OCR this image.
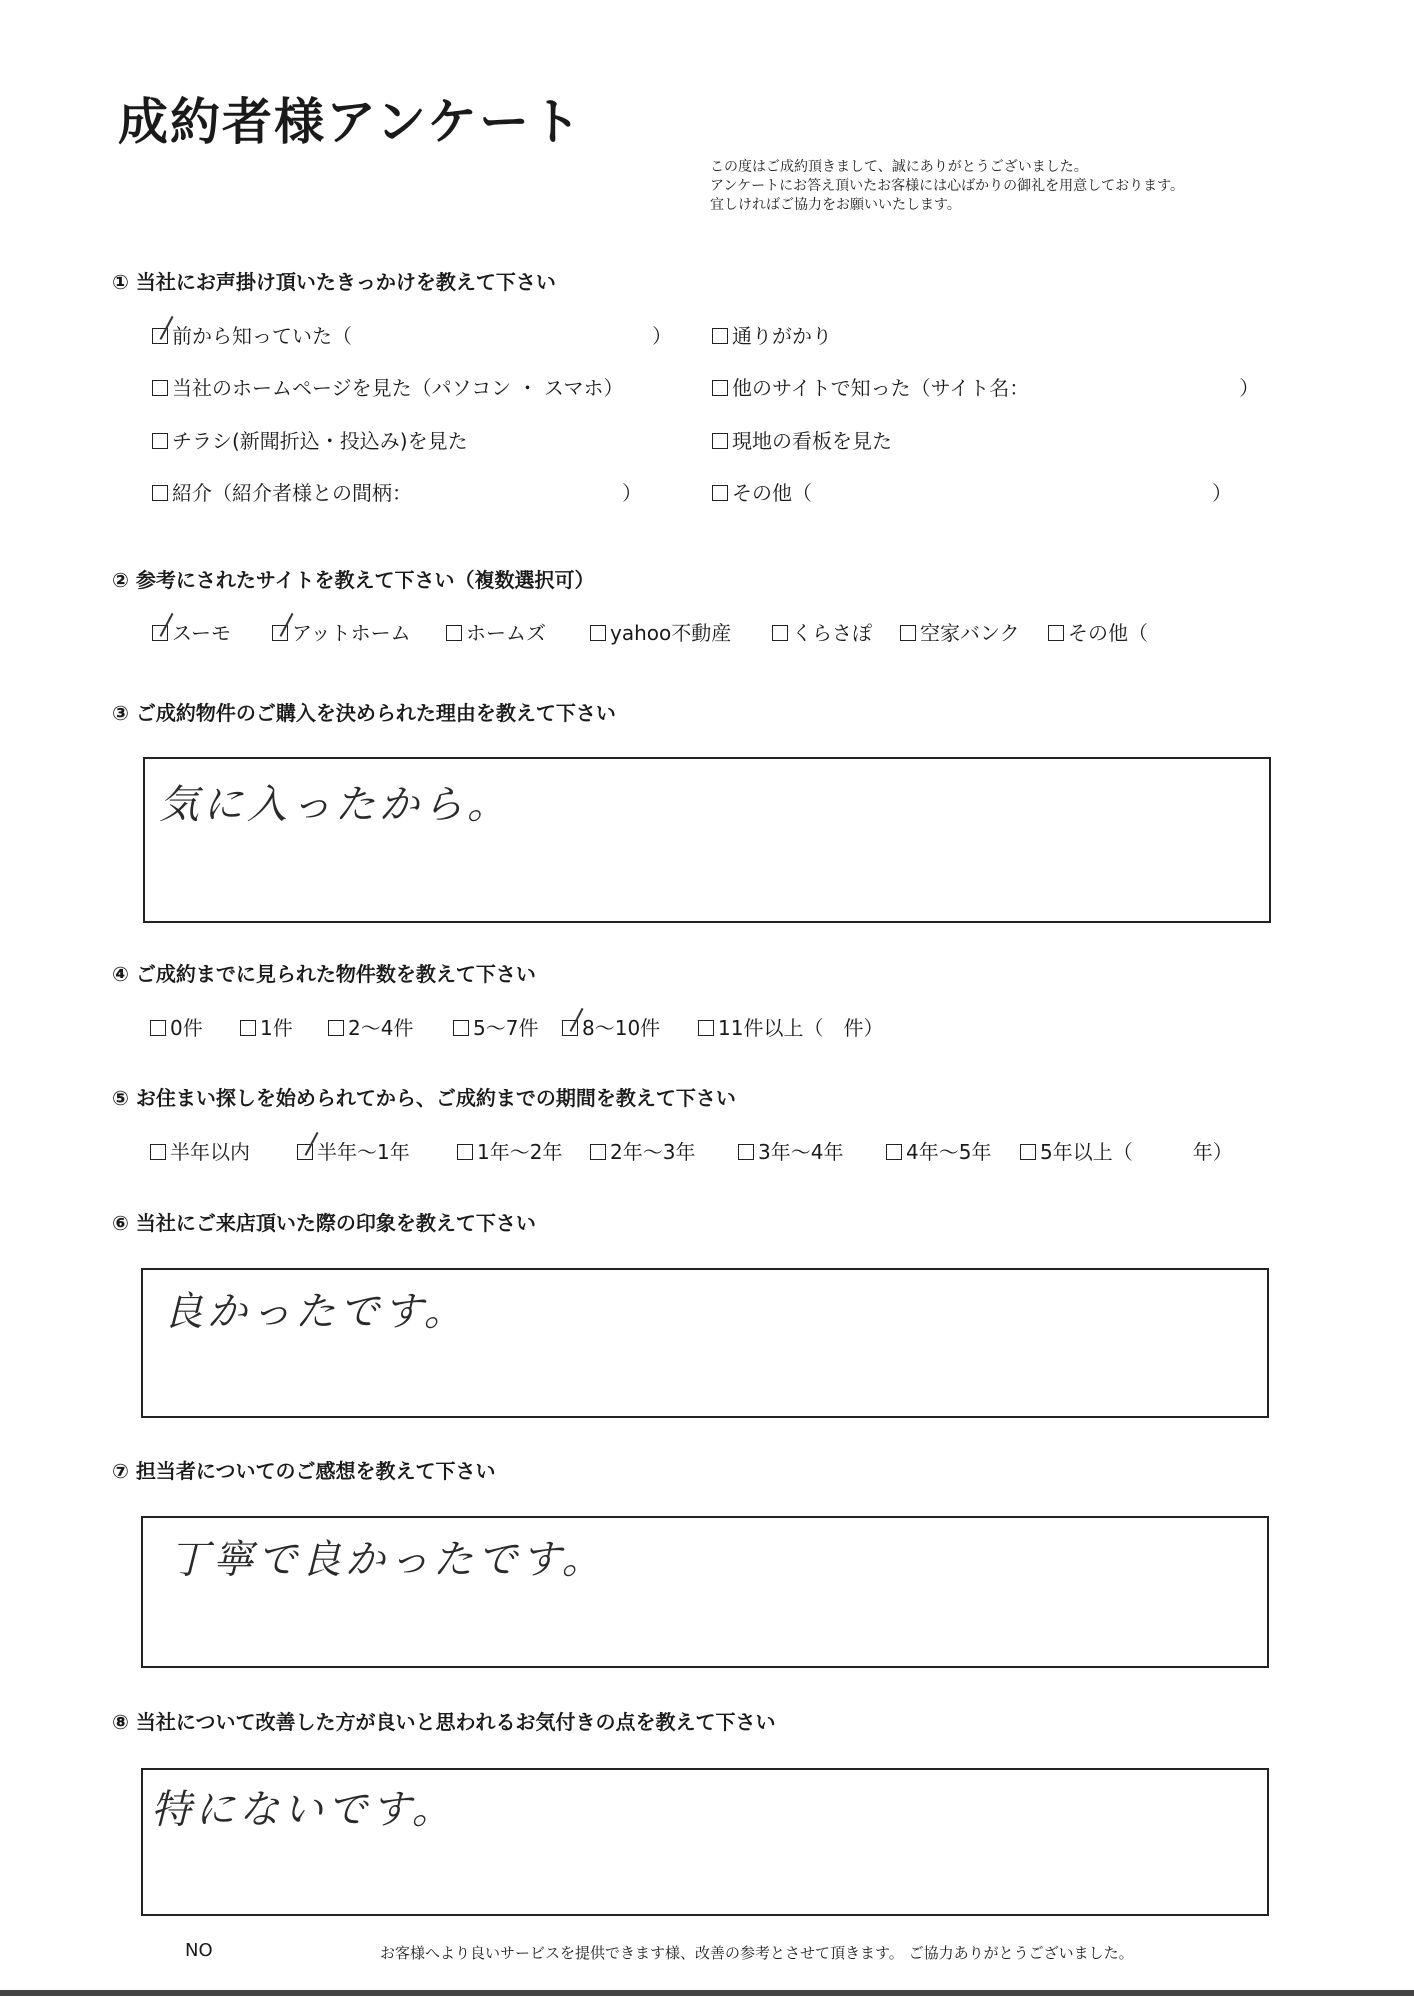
成約者様アンケート
この度はご成約頂きまして、誠にありがとうございました。
アンケートにお答え頂いたお客様には心ばかりの御礼を用意しております。
宜しければご協力をお願いいたします。
① 当社にお声掛け頂いたきっかけを教えて下さい
前から知っていた（　　　　　　　　　　　　　　　）	通りがかり
当社のホームページを見た（パソコン ・ スマホ）	他のサイトで知った（サイト名：　　　　　　　　　　　）
チラシ(新聞折込・投込み)を見た	現地の看板を見た
紹介（紹介者様との間柄：　　　　　　　　　　　）	その他（　　　　　　　　　　　　　　　　　　　　）
② 参考にされたサイトを教えて下さい（複数選択可）
スーモ	アットホーム	ホームズ	yahoo不動産	くらさぽ	空家バンク	その他（
③ ご成約物件のご購入を決められた理由を教えて下さい
気に入ったから。
④ ご成約までに見られた物件数を教えて下さい
0件	1件	2～4件	5～7件	8～10件	11件以上（　件）
⑤ お住まい探しを始められてから、ご成約までの期間を教えて下さい
半年以内	半年～1年	1年～2年	2年～3年	3年～4年	4年～5年	5年以上（　　　年）
⑥ 当社にご来店頂いた際の印象を教えて下さい
良かったです。
⑦ 担当者についてのご感想を教えて下さい
丁寧で良かったです。
⑧ 当社について改善した方が良いと思われるお気付きの点を教えて下さい
特にないです。
NO	お客様へより良いサービスを提供できます様、改善の参考とさせて頂きます。 ご協力ありがとうございました。
